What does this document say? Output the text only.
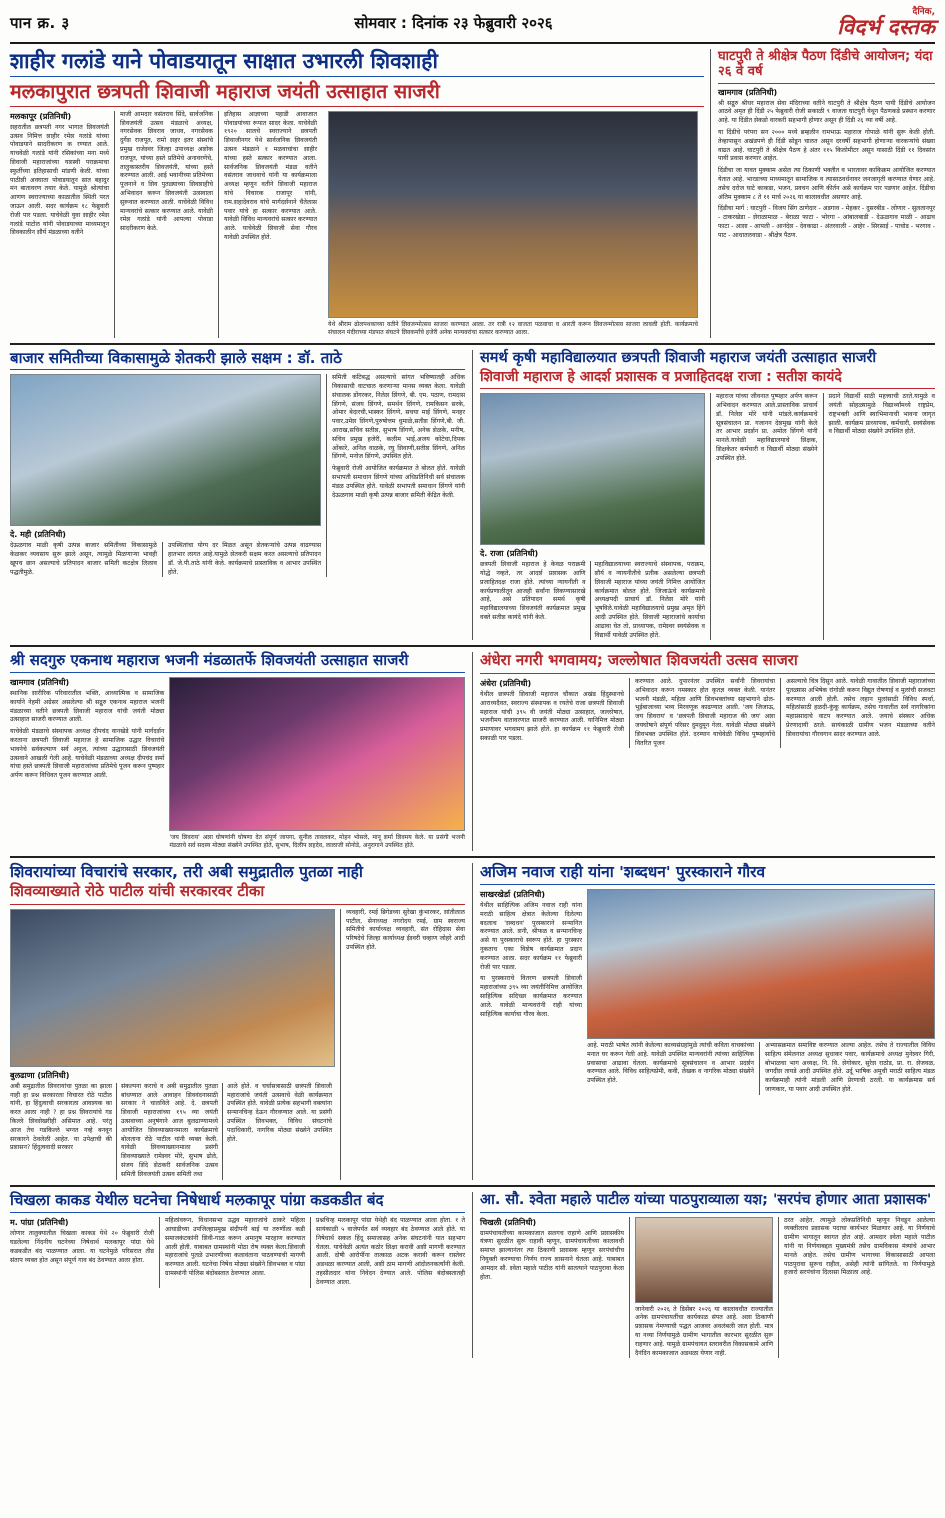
पान क्र. ३	सोमवार : दिनांक २३ फेब्रुवारी २०२६
दैनिक,
विदर्भ दस्तक
शाहीर गलांडे याने पोवाडयातून साक्षात उभारली शिवशाही
मलकापुरात छत्रपती शिवाजी महाराज जयंती उत्साहात साजरी
मलकापूर (प्रतिनिधी)
शहरातील छत्रपती नगर भागात शिवजयंती उत्सव निमित्त शाहीर रमेश गलांडे यांच्या पोवाडयाने सादरीकरण क रण्यात आले. याचवेळी गलांडे यांनी रसिकांच्या मना मध्ये शिवाजी महाराजांच्या यशस्वी पराक्रमाचा स्फुर्तीच्या इतिहासाची मांडणी केली. यांच्या पाठीशी अवघाता पोवाडयातून सात बहादुर मन बातावरण तयार केले. यामुळे श्रोत्यांचा आणण स्वराज्याच्या काळातील स्थिती परत जाऊन आली. सदर कार्यक्रम १८ फेब्रुवारी रोजी पार पडला. याचेवेळी युवा शाहीर रमेश गलांडे पाटोल यांनी पोवाडयाच्या माध्यमातून शिवकालीन शौर्य मंडळाच्या वतीने
माजी आमदार वसंतराव सिंदे, सार्वजनिक शिवजयंती उत्सव मंडळाचे अध्यक्ष, नगरसेवक शिवराव जाधव, नगरसेवक दुर्गेश राजपूत, रामो शहर इतर संस्थांचे प्रमुख राजेश्वर जिल्हा उपाध्यक्ष अशोक राजपूत, यांच्या हस्ते प्रतिमेचे अनावरणेचे, तालुकास्तरीय शिवजयंती, यांच्या हस्ते करण्यात आली. आई भवानीच्या प्रतिमेच्या पूजनाने व शिव पुतळ्याच्या शिवशाहीचे अभिवादन करून शिवजयंती उत्सवाला सुरूवात करण्यात आली. याचेवेळी विविध मान्यवरांचे सत्कार करण्यात आले. यावेळी रमेश गलांडे यांनी आपल्या पोवाडा सादरीकरण केले.
इतिहास आज्ञाच्या पहाडी आवाजात पोवाडयांच्या रूपात सादर केला. याचेवेळी १९२० सालचे स्वराज्याने छत्रपती शिवाजीनगर येथे सार्वजनिक शिवजयंती उत्सव मंडळाने १ मळवाचांचा शाहीर यांच्या हस्ते सत्कार करण्यात आला. सार्वजनिक शिवजयंती मंडळ वतीने वसंतराव जाधवाचे यांनी या कार्यक्रमाला अध्यक्ष म्हणून वतीने शिवाजी महाराज यांचे विचारक राजापूर यांनी, राम.शहादेवराव यांचे मार्गदर्शनाने चैतेलास पवार यांचे हा सत्कार करण्यात आले. यावेळी विविध मान्यवरांचे सत्कार करण्यात आले. याचेवेळी शिवाजी सेवा गौरव यावेळी उपस्थित होते.
येथे श्रीराम ढोलपथकाच्या वतीने शिवजन्मोत्सव साजरा करण्यात आला. तर रात्री १२ वाजता पळवाचा व आरती करून शिवजन्मोत्सव साजरा लावली होती. कार्यक्रमाचे संचालन मंदीराच्या मंडपात संघटने शिवकर्मांचे हजेरी अनेक मान्यवरांचा सत्कार करण्यात आला.
घाटपुरी ते श्रीक्षेत्र पैठण दिंडीचे आयोजन; यंदा २६ वे वर्ष
खामगाव (प्रतिनिधी)
श्री सद्गुरु श्रीधर महाराज सेवा मंदिराच्या वतीने घाटपुरी ते श्रीक्षेत्र पैठण पायी दिंडीचे आयोजन आठवे अमृत ही दिंडी २५ फेब्रुवारी रोजी सकाळी ९ वाजता घाटपुरी येथून पैठणकडे प्रस्थान करणार आहे. या दिंडीत शेकडो वारकरी सहभागी होणार असून ही दिंडी २६ व्या वर्षी आहे.
या दिंडीचे परंपरा सन २००० मध्ये ब्रम्हलीन रामभाऊ महाराज गोपाळे यांनी सुरू केली होती. तेव्हापासून अखंडपणे ही दिंडी सोडून चालत असून दरवर्षी सहभागी होणाऱ्या वारकऱ्यांचे संख्या वाढत आहे. घाटपुरी ते श्रीक्षेत्र पैठण हे अंतर ११५ किलोमीटर असून यासाठी दिंडी ११ दिवसांत पायी प्रवास करणार आहेत.
दिंडीचा जा यावत मुक्काम असेल त्या ठिकाणी भक्तीत व भारतावर काकिक्रम आयोजित करण्यात येतात आहे. भारडाच्या माध्यमातून सामाजिक व त्यासाठवर्धनावर जनजागृती करण्यात येणार आहे. तसेच दरोज घाटे काकडा, भजन, प्रवचन आणि कीर्तन असे कार्यक्रम पार पडणार आहेत. दिंडीचा अंतिम मुक्काम ८ ते ११ मार्च २०२६ या कालावधीत असणार आहे.
दिंडीचा मार्ग : घाटपुरी - विजय सिंग ठाणेदार - अडगाव - मेहकर - दुसरबीड - लोणार - सुलतानपूर - टाकरखेडा - शेराळामाळ - बेराळा फाटा - भोरगा - आंबालबाडी - देऊळगाव माळी - आढाव फाटा - आशा - आपली - आनंदेश - देवकाढा - अंतरवाली - आहेर - सिरसाई - पाचोड - भरगाव - पाट - आधातलवाडा - श्रीक्षेत्र पैठण.
बाजार समितीच्या विकासामुळे शेतकरी झाले सक्षम : डॉ. ताठे
दे. मही (प्रतिनिधी)
देऊळगाव माळी कृषी उत्पन्न बाजार समितीच्या विकासामुळे केळकर व्यवसाय सुरू झाले असून, त्यामुळे मिळणाऱ्या भावही खूपच छान असल्याचे प्रतिपादन बाजार समिती कटक्षेत्र लिलाव पद्धतीमुळे.
उपस्थितांचा योग्य दर मिळत असून शेतकऱ्यांचे उत्पन्न वाढण्यास हातभार लागत आहे.यामुळे शेतकरी सक्षम करत असल्याचे प्रतिपादन डॉ. जे.पी.ताठे यांनी केले. कार्यक्रमाचे प्रास्ताविक व आभार उपस्थित होते.
समिती कटिबद्ध असल्याचे सांगत भविष्यातही अधिक विकासाची वाटचाल करणाऱ्या मानस व्यक्त केला. यावेळी संचालक डोंगरकर, निलेश शिंगणे, बी. एम. पठाण, रामदास शिंगणे, संजय शिंगणे, समर्थन शिंगणे, रामकिसन सरके, ओमार बेदारची,भास्कर शिंगणे, सचया माई शिंगणे, मनहर पवार,उमेश शिंगणे,पुरुषोत्तम धुमाळे,सतीश शिंगणे,बी. जी. आराख,सचिव सतीश, सुभाष शिंगणे, अनेक शेळके, मनीष, सचिव प्रमुख हजेरी, कलीम भाई,अजय कोटेचा,दिपक ओंकारे, अनिल वाळके, रघु शिवाणी,सतीश शिंगणे, अनिल शिंगणे, मनोज शिंगणे, उपस्थित होते.
फेब्रुवारी रोजी आयोजित कार्यक्रमात ते बोलत होते. यावेळी सभापती समाधान शिंगणे यांच्या अधिप्रतिनिधी सर्व संचालक मंडळ उपस्थित होते. यावेळी सभापती समाधान शिंगणे यांनी देऊळगाव माळी कृषी उत्पन्न बाजार समिती केंद्रित केली.
समर्थ कृषी महाविद्यालयात छत्रपती शिवाजी महाराज जयंती उत्साहात साजरी
शिवाजी महाराज हे आदर्श प्रशासक व प्रजाहितदक्ष राजा : सतीश कायंदे
दे. राजा (प्रतिनिधी)
छत्रपती शिवाजी महाराज हे केवळ पराक्रमी योद्धे नव्हते, तर आदर्श प्रशासक आणि प्रजाहितदक्ष राजा होते. त्यांच्या न्यायनीती व कार्यप्रणालीतून आजही सर्वांना शिकण्यासारखे आहे, असे प्रतिपादन समर्थ कृषी महाविद्यालयाच्या शिवजयंती कार्यक्रमात प्रमुख वक्ते सतीश कायंदे यांनी केले.
महाविद्यालयाच्या स्वराज्याचे संस्थापक, पराक्रम, शौर्य व न्यायनीतीचे प्रतीक असलेल्या छत्रपती शिवाजी महाराज यांच्या जयंती निमित्त आयोजित कार्यक्रमात बोलत होते. जिजाऊंचे कार्यक्रमाचे अध्यक्षपदी प्राचार्य डॉ. निलेश मोरे यांनी भूषविले.यावेळी महाविद्यालयाचे प्रमुख अमृत हिंगे आदी उपस्थित होते. शिवाजी महाराजांचे कार्याचा आढावा घेत तो, प्राध्यापक, रामेश्वर स्वयंसेवक व विद्यार्थी यावेळी उपस्थित होते.
महाराज यांच्या जीवनात पुष्पहार अर्पण करून अभिवादन करण्यात आले.प्रास्ताविक प्राचार्य डॉ. निलेश मोरे यांनी मांडले.कार्यक्रमाचे सूत्रसंचालन प्रा. गजानन देशमुख यांनी केले तर आभार प्रदर्शन प्रा. अमोल शिंगणे यांनी मानले.यावेळी महाविद्यालयाचे शिक्षक, शिक्षकेतर कर्मचारी व विद्यार्थी मोठ्या संख्येने उपस्थित होते.
प्रदाने विद्यार्थी साठी महत्त्वाची ठरते.यामुळे व जयंती सोहळ्यामुळे विद्यार्थ्यांमध्ये राष्ट्रप्रेम, राष्ट्रभक्ती आणि स्वाभिमानाची भावना जागृत झाली. कार्यक्रम प्राध्यापक, कर्मचारी, स्वयंसेवक व विद्यार्थी मोठ्या संख्येने उपस्थित होते.
श्री सदगुरु एकनाथ महाराज भजनी मंडळातर्फे शिवजयंती उत्साहात साजरी
खामगाव (प्रतिनिधी)
स्थानिक शारीरिक परिवारातील भक्ति, आध्यात्मिक व सामाजिक कार्याने नेहमी अग्रेसर असलेल्या श्री सद्गुरु एकनाथ महाराज भजनी मंडळाच्या वतीने छत्रपती शिवाजी महाराज यांची जयंती मोठ्या उत्साहात साजरी करण्यात आली.
याचेवेळी मंडळाचे संस्थापक अध्यक्ष दीपचंद वानखेडे यांनी मार्गदर्शन करताना छत्रपती शिवाजी महाराज हे सामाजिक उद्धार विचारांचे भावनेचे सर्वकल्याण सर्व अनुज, त्यांच्या उद्धारासाठी शिवजयंती उत्सवाने आखली गेली आहे. याचेवेळी मंडळाच्या अध्यक्ष दीपचंद शर्मा यांचा हस्ते छत्रपती शिवाजी महाराजांच्या प्रतिमेचे पूजन करून पुष्पहार अर्पण करून विधिवत पूजन करण्यात आली.
'जय शिवराय' अशा घोषणांनी घोषणा देत संपूर्ण जायगा, सुनील तावलकर, मोहन भोसले, मानू शर्मा शिवमय केले. या प्रसंगी भजनी मंडळाचे सर्व सदस्य मोठ्या संख्येने उपस्थित होते, सुभाष, दिलीप शहदेव, लालाजी सोनोडे, अनुरागाने उपस्थित होते.
अंधेरा नगरी भगवामय; जल्लोषात शिवजयंती उत्सव साजरा
अंधेरा (प्रतिनिधी)
येथील छत्रपती शिवाजी महाराज चौकात अखंड हिंदुस्थानचे आराध्यदैवत, स्वराज्य संस्थापक व रयतेचे राजा छत्रपती शिवाजी महाराज यांची ३९५ वी जयंती मोठ्या उत्साहात, जल्लोषात, भजनीमय वातावरणात साजरी करण्यात आली. यानिमित्त मोठ्या प्रमाणावर भगवामय झाले होते. हा कार्यक्रम ११ फेब्रुवारी रोजी सकाळी पार पडला.
करण्यात आले. दुपारनंतर उपस्थित सर्वांनी शिवरायांचा अभिवादन करून नमस्कार होत कृतज्ञ व्यक्त केली. यानंतर भजनी मंडळी, महिला आणि शिवभक्तांच्या सहभागाने ढोल-भुईबाजाच्या भव्य मिरवणूक काढण्यात आली. 'जय जिजाऊ, जय शिवराय' व 'छत्रपती शिवाजी महाराज की जय' अशा जयघोषाने संपूर्ण परिसर दुमदुमून गेला. यावेळी मोठ्या संख्येने शिवभक्त उपस्थित होते. दरम्यान याचेवेळी विविध पुष्पहार्याचे वितरित पूजन
असल्याचे चित्र दिसून आले. यावेळी गावातील शिवाजी महाराजांच्या पुतळ्यास अभिषेक रांगोळी करून विद्युत रोषणाई व मुलांची सजवटा करण्यात आली होती. तसेच लहान मुलांसाठी विविध स्पर्धा, महिलांसाठी हळदी-कुंकू कार्यक्रम, तसेच गावातील सर्व नागरिकांना महाप्रसादाचे वाटप करण्यात आले. जयाचे संस्कार अधिक प्रेरणादायी ठरले. सायंकाळी ग्रामीण भजन मंडळाच्या वतीने शिवरायांचा गौरवगान सादर करण्यात आले.
शिवरायांच्या विचारांचे सरकार, तरी अबी समुद्रातील पुतळा नाही
शिवव्याख्याते रोठे पाटील यांची सरकारवर टीका
बुलढाणा (प्रतिनिधी)
अबी समुद्रातील शिवरायांचा पुतळा का झाला नाही हा प्रश्न सरकारला विचारत रोठे पाटील यांनी, हा हिंदुत्वाची सरकारला आवश्यक का करत आला नाही ? हा प्रश्न शिवरायांचे गड किल्ले शिवशेखरीही असिमात आहे. परंतु आज तेच गडकिल्ले भग्नत नव्हे बनवून सरकारने ठेवलेली आहेत. या उपेक्षाची की प्रशासन? हिंदुत्ववादी सरकार
संकल्पना कराचे व अबी समुद्रातील पुतळा बांधण्यात आले आवाहन शिववंदनासाठी सरकार ने चालविले आहे. दे. छत्रपती शिवाजी महाराजांच्या १९५ व्या जयंती उत्सवाच्या अनुषंगाने आज बुलढाण्यामध्ये आयोजित शिवव्याख्यानमाला कार्यक्रमाचे बोलताना रोठे पाटील यांनी व्यक्त केली. यावेळी शिवव्याख्यानमाला प्रसंगी शिवव्याख्याते रामेश्वर मोरे, सुभाष ढोले, संजय शिंदे शेठकरी सार्वजनिक उत्सव समिती शिवजयंती उत्सव समिती तथा
आले होते. व चर्चासत्रासाठी छत्रपती शिवाजी महाराजांचे जयंती उत्सवाचे वेळी कार्यक्रमात उपस्थित होते. यावेळी प्रत्येक सहभागी वक्त्यांना सन्मानचिन्ह देऊन गौरवण्यात आले. या प्रसंगी उपस्थित शिवभक्त, विविध संघटनांचे पदाधिकारी, नागरिक मोठ्या संख्येने उपस्थित होते.
व्यवहारी, रमई ब्रिगेडच्या सुरेखा कुंभारकर, शांतीलाल पाटील, सेनाध्यक्ष नगरोदय रमई, ग्राम स्वराज्य समितीचे कार्याध्यक्ष व्यवहारी, संत रोहिदास सेवा परिषदेचे जिल्हा कार्याध्यक्ष ईश्वरी चव्हाण जोहरे आदी उपस्थित होते.
अजिम नवाज राही यांना 'शब्दधन' पुरस्काराने गौरव
साखरखेर्डा (प्रतिनिधी)
येथील साहित्यिक अजिम नवाज राही यांना मराठी साहित्य क्षेत्रात केलेल्या दिलेल्या बदलाच 'शब्दधन' पुरस्काराने सन्मानित करण्यात आले. शनी, श्रीफळ व सन्मानचिन्ह असे या पुरस्काराचे स्वरूप होते. हा पुरस्कार नुकताच एका विशेष कार्यक्रमात प्रदान करण्यात आला. सदर कार्यक्रम ११ फेब्रुवारी रोजी पार पडला.
या पुरस्काराचे वितरण छत्रपती शिवाजी महाराजांच्या ३९५ व्या जयंतीनिमित्त आयोजित साहित्यिक सदिच्छा कार्यक्रमात करण्यात आले. यावेळी मान्यवरांनी राही यांच्या साहित्यिक कार्याचा गौरव केला.
आहे. मराठी भाषेत त्यांनी केलेल्या काव्यसंग्रहांमुळे त्यांची कविता वाचकांच्या मनात घर करून गेली आहे. यावेळी उपस्थित मान्यवरांनी त्यांच्या साहित्यिक प्रवासाचा आढावा घेतला. कार्यक्रमाचे सूत्रसंचालन व आभार प्रदर्शन करण्यात आले. विविध साहित्यप्रेमी, कवी, लेखक व नागरिक मोठ्या संख्येने उपस्थित होते.
अभ्यासक्रमात समाविष्ट करण्यात आल्या आहेत. तसेच ते राज्यातील विविध साहित्य संमेलनात अध्यक्ष सुधाकर पवार, कार्यक्रमाचे अध्यक्ष मुनेश्वर गिरी, बोभाळचा भाग अध्यक्ष, नि. वि. शेगोकार, सुरेश राठोड, प्रा. रा. शेजवळ, जगदीश तायडे आदी उपस्थित होते. उर्दू भाषिक अमुची मराठी साहित्य मंडळ कार्यक्रमाही त्यांनी मांडली आणि प्रेरणाची ठरली. या कार्यक्रमास सर्व जाणकार, या पवार आदी उपस्थित होते.
चिखला काकड येथील घटनेचा निषेधार्थ मलकापूर पांग्रा कडकडीत बंद
म. पांग्रा (प्रतिनिधी)
लोणार तालुक्यातील चिखला काकड येथे २० फेब्रुवारी रोजी घडलेल्या निंदनीय घटनेच्या निषेधार्थ मलकापूर पांग्रा येथे कडकडीत बंद पाळण्यात आला. या घटनेमुळे परिसरात तीव्र संताप व्यक्त होत असून संपूर्ण गाव बंद ठेवण्यात आला होता.
महिलांवरून, विधानसभा उद्धव महाराजांचे ठाकरे महिला आघाडीच्या उपजिल्हाप्रमुख संदीपनी बाई या तरुणींला कडी समाजकंटकांनी शिवी-गाळ करून अमानुष मारहाण करण्यात आली होती. याबाबत ग्रामस्थांनी मोठा रोष व्यक्त केला.शिवाजी महाराजांचे पुतळे उभारणीच्या कलावंताना पाठवण्याची मागणी करण्यात आली. घटनेचा निषेध मोठ्या संख्येने शिवभक्त व पांग्रा ग्रामस्थांनी पोलिस बंदोबस्तात ठेवण्यात आला.
प्रश्नचिन्ह मलकापूर पांग्रा येथेही बंद पाळण्यात आला होता. १ ते सायंकाळी ५ वाजेपर्यंत सर्व व्यवहार बंद ठेवण्यात आले होते. या निषेधार्थ सकल हिंदू समाजासह अनेक संघटनांनी यात सहभाग घेतला. याचेवेळी अत्यंत कठोर शिक्षा करावी अशी मागणी करण्यात आली. दोषी आरोपींना तात्काळ अटक करावी करून रास्तेवर अडथळा करण्यात आली, अशी ठाम मागणी आंदोलनकर्त्यांनी केली. तहसीलदार यांना निवेदन देण्यात आले. पोलिस बंदोबस्तातही ठेवण्यात आला.
आ. सौ. श्वेता महाले पाटील यांच्या पाठपुराव्याला यश; 'सरपंच होणार आता प्रशासक'
चिखली (प्रतिनिधी)
ग्रामपंचायतीच्या कामकाजात सलगच राहाणे आणि प्रशासकीय यंत्रणा सुरळीत सुरू राहावी म्हणून, ग्रामपंचायतीच्या कालावधी समाप्त झाल्यानंतर त्या ठिकाणी प्रशासक म्हणून सरपंचांचीच नियुक्ती करण्याचा निर्णय राज्य शासनाने घेतला आहे. याबाबत आमदार सौ. श्वेता महाले पाटील यांनी सातत्याने पाठपुरावा केला होता.
जानेवारी २०२६ ते डिसेंबर २०२६ या कालावधीत राज्यातील अनेक ग्रामपंचायतींचा कार्यकाळ संपत आहे. अशा ठिकाणी प्रशासक नेमण्याची पद्धत आजवर अवलंबली जात होती. मात्र या नव्या निर्णयामुळे ग्रामीण भागातील कारभार सुरळीत सुरू राहणार आहे. यामुळे ग्रामपंचायत स्तरावरील विकासकामे आणि दैनंदिन कामकाजात अडथळा येणार नाही.
ठरत आहेत. त्यामुळे लोकप्रतिनिधी म्हणून निवडून आलेल्या व्यक्तीलाच प्रशासक पदाचा कार्यभार मिळणार आहे. या निर्णयाचे ग्रामीण भागातून स्वागत होत आहे. आमदार श्वेता महाले पाटील यांनी या निर्णयाबद्दल मुख्यमंत्री तसेच ग्रामविकास मंत्र्यांचे आभार मानले आहेत. तसेच ग्रामीण भागाच्या विकासासाठी आपला पाठपुरावा सुरूच राहील, असेही त्यांनी सांगितले. या निर्णयामुळे हजारो सरपंचांना दिलासा मिळाला आहे.
